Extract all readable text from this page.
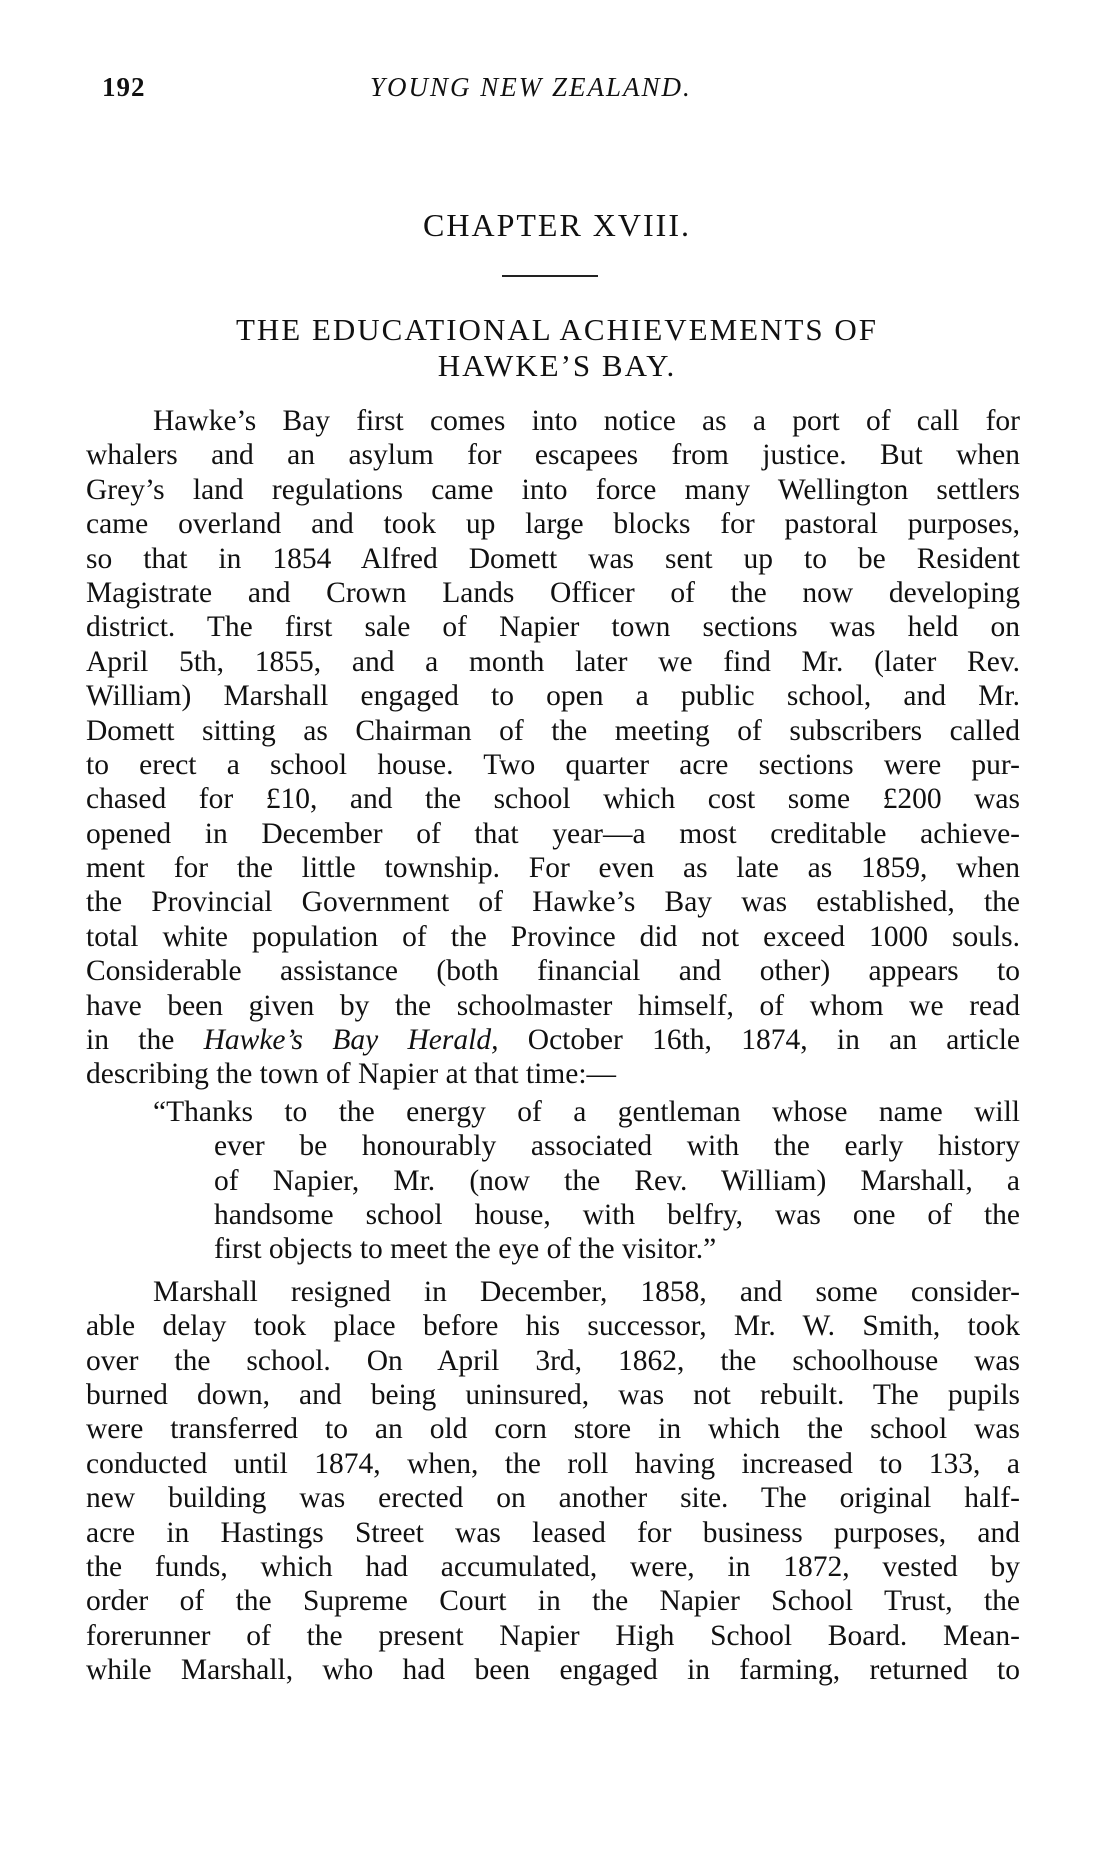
192	YOUNG NEW ZEALAND.
CHAPTER XVIII.
THE EDUCATIONAL ACHIEVEMENTS OF
HAWKE’S BAY.
Hawke’s Bay first comes into notice as a port of call for
whalers and an asylum for escapees from justice. But when
Grey’s land regulations came into force many Wellington settlers
came overland and took up large blocks for pastoral purposes,
so that in 1854 Alfred Domett was sent up to be Resident
Magistrate and Crown Lands Officer of the now developing
district. The first sale of Napier town sections was held on
April 5th, 1855, and a month later we find Mr. (later Rev.
William) Marshall engaged to open a public school, and Mr.
Domett sitting as Chairman of the meeting of subscribers called
to erect a school house. Two quarter acre sections were pur-
chased for £10, and the school which cost some £200 was
opened in December of that year—a most creditable achieve-
ment for the little township. For even as late as 1859, when
the Provincial Government of Hawke’s Bay was established, the
total white population of the Province did not exceed 1000 souls.
Considerable assistance (both financial and other) appears to
have been given by the schoolmaster himself, of whom we read
in the Hawke’s Bay Herald, October 16th, 1874, in an article
describing the town of Napier at that time:—
“Thanks to the energy of a gentleman whose name will
ever be honourably associated with the early history
of Napier, Mr. (now the Rev. William) Marshall, a
handsome school house, with belfry, was one of the
first objects to meet the eye of the visitor.”
Marshall resigned in December, 1858, and some consider-
able delay took place before his successor, Mr. W. Smith, took
over the school. On April 3rd, 1862, the schoolhouse was
burned down, and being uninsured, was not rebuilt. The pupils
were transferred to an old corn store in which the school was
conducted until 1874, when, the roll having increased to 133, a
new building was erected on another site. The original half-
acre in Hastings Street was leased for business purposes, and
the funds, which had accumulated, were, in 1872, vested by
order of the Supreme Court in the Napier School Trust, the
forerunner of the present Napier High School Board. Mean-
while Marshall, who had been engaged in farming, returned to
